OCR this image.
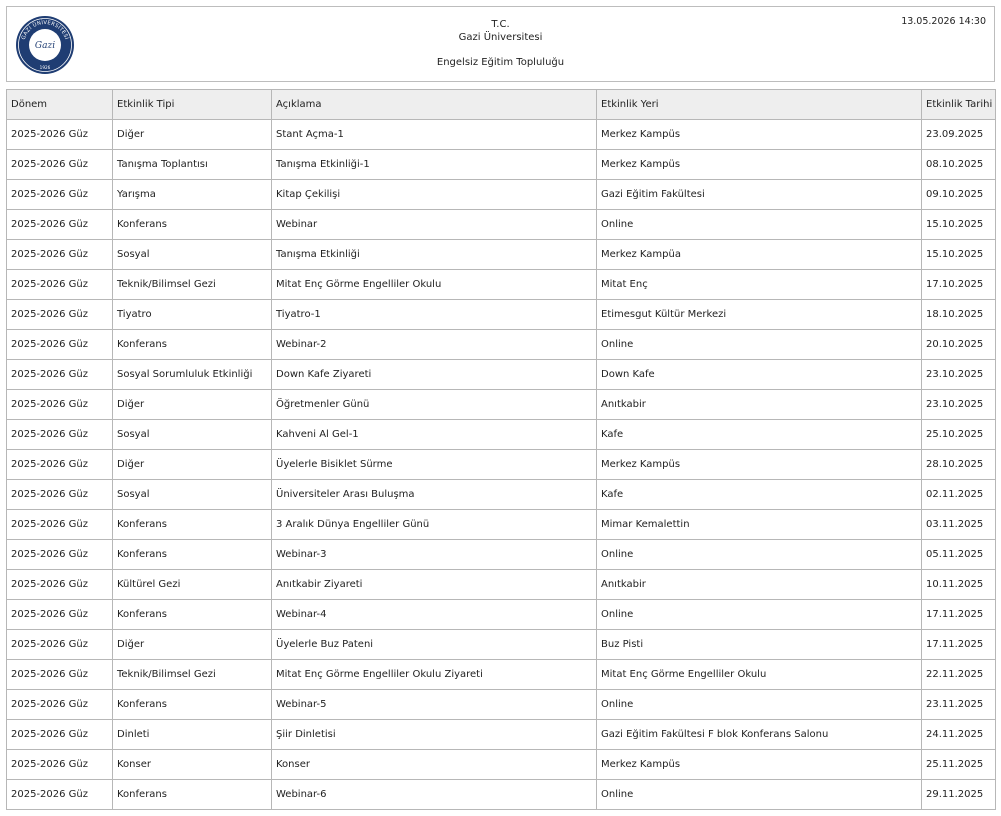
GAZİ ÜNİVERSİTESİ
Gazi
1926
T.C.
Gazi Üniversitesi
Engelsiz Eğitim Topluluğu
13.05.2026 14:30
Dönem	Etkinlik Tipi	Açıklama	Etkinlik Yeri	Etkinlik Tarihi
2025-2026 Güz	Diğer	Stant Açma-1	Merkez Kampüs	23.09.2025
2025-2026 Güz	Tanışma Toplantısı	Tanışma Etkinliği-1	Merkez Kampüs	08.10.2025
2025-2026 Güz	Yarışma	Kitap Çekilişi	Gazi Eğitim Fakültesi	09.10.2025
2025-2026 Güz	Konferans	Webinar	Online	15.10.2025
2025-2026 Güz	Sosyal	Tanışma Etkinliği	Merkez Kampüa	15.10.2025
2025-2026 Güz	Teknik/Bilimsel Gezi	Mitat Enç Görme Engelliler Okulu	Mitat Enç	17.10.2025
2025-2026 Güz	Tiyatro	Tiyatro-1	Etimesgut Kültür Merkezi	18.10.2025
2025-2026 Güz	Konferans	Webinar-2	Online	20.10.2025
2025-2026 Güz	Sosyal Sorumluluk Etkinliği	Down Kafe Ziyareti	Down Kafe	23.10.2025
2025-2026 Güz	Diğer	Öğretmenler Günü	Anıtkabir	23.10.2025
2025-2026 Güz	Sosyal	Kahveni Al Gel-1	Kafe	25.10.2025
2025-2026 Güz	Diğer	Üyelerle Bisiklet Sürme	Merkez Kampüs	28.10.2025
2025-2026 Güz	Sosyal	Üniversiteler Arası Buluşma	Kafe	02.11.2025
2025-2026 Güz	Konferans	3 Aralık Dünya Engelliler Günü	Mimar Kemalettin	03.11.2025
2025-2026 Güz	Konferans	Webinar-3	Online	05.11.2025
2025-2026 Güz	Kültürel Gezi	Anıtkabir Ziyareti	Anıtkabir	10.11.2025
2025-2026 Güz	Konferans	Webinar-4	Online	17.11.2025
2025-2026 Güz	Diğer	Üyelerle Buz Pateni	Buz Pisti	17.11.2025
2025-2026 Güz	Teknik/Bilimsel Gezi	Mitat Enç Görme Engelliler Okulu Ziyareti	Mitat Enç Görme Engelliler Okulu	22.11.2025
2025-2026 Güz	Konferans	Webinar-5	Online	23.11.2025
2025-2026 Güz	Dinleti	Şiir Dinletisi	Gazi Eğitim Fakültesi F blok Konferans Salonu	24.11.2025
2025-2026 Güz	Konser	Konser	Merkez Kampüs	25.11.2025
2025-2026 Güz	Konferans	Webinar-6	Online	29.11.2025
